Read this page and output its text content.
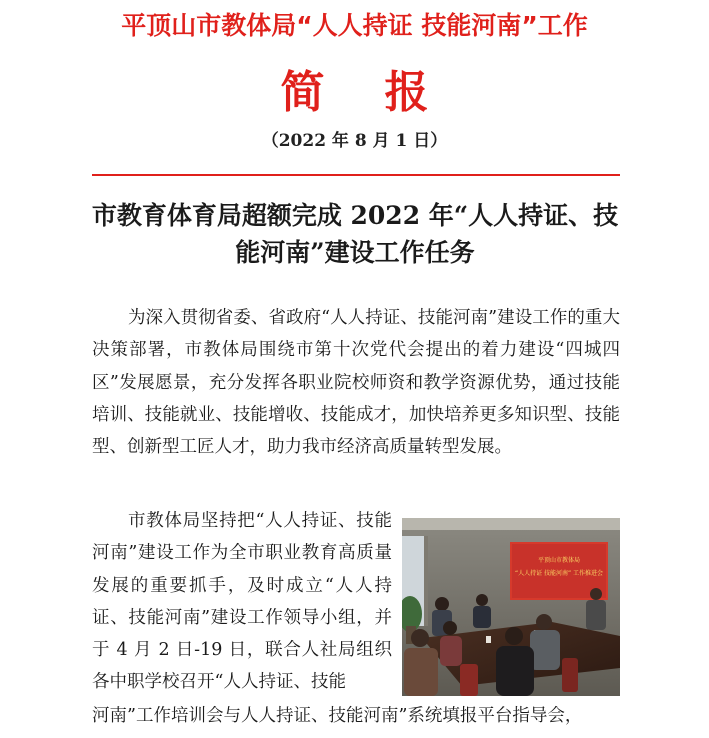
平顶山市教体局“人人持证 技能河南”工作
简报
（2022 年 8 月 1 日）
市教育体育局超额完成 2022 年“人人持证、技
能河南”建设工作任务
为深入贯彻省委、省政府“人人持证、技能河南”建设工作的重大决策部署，市教体局围绕市第十次党代会提出的着力建设“四城四区”发展愿景，充分发挥各职业院校师资和教学资源优势，通过技能培训、技能就业、技能增收、技能成才，加快培养更多知识型、技能型、创新型工匠人才，助力我市经济高质量转型发展。
市教体局坚持把“人人持证、技能河南”建设工作为全市职业教育高质量发展的重要抓手，及时成立“人人持证、技能河南”建设工作领导小组，并于 4 月 2 日-19 日，联合人社局组织各中职学校召开“人人持证、技能
平顶山市教体局
“人人持证 技能河南” 工作推进会
河南”工作培训会与人人持证、技能河南”系统填报平台指导会，
